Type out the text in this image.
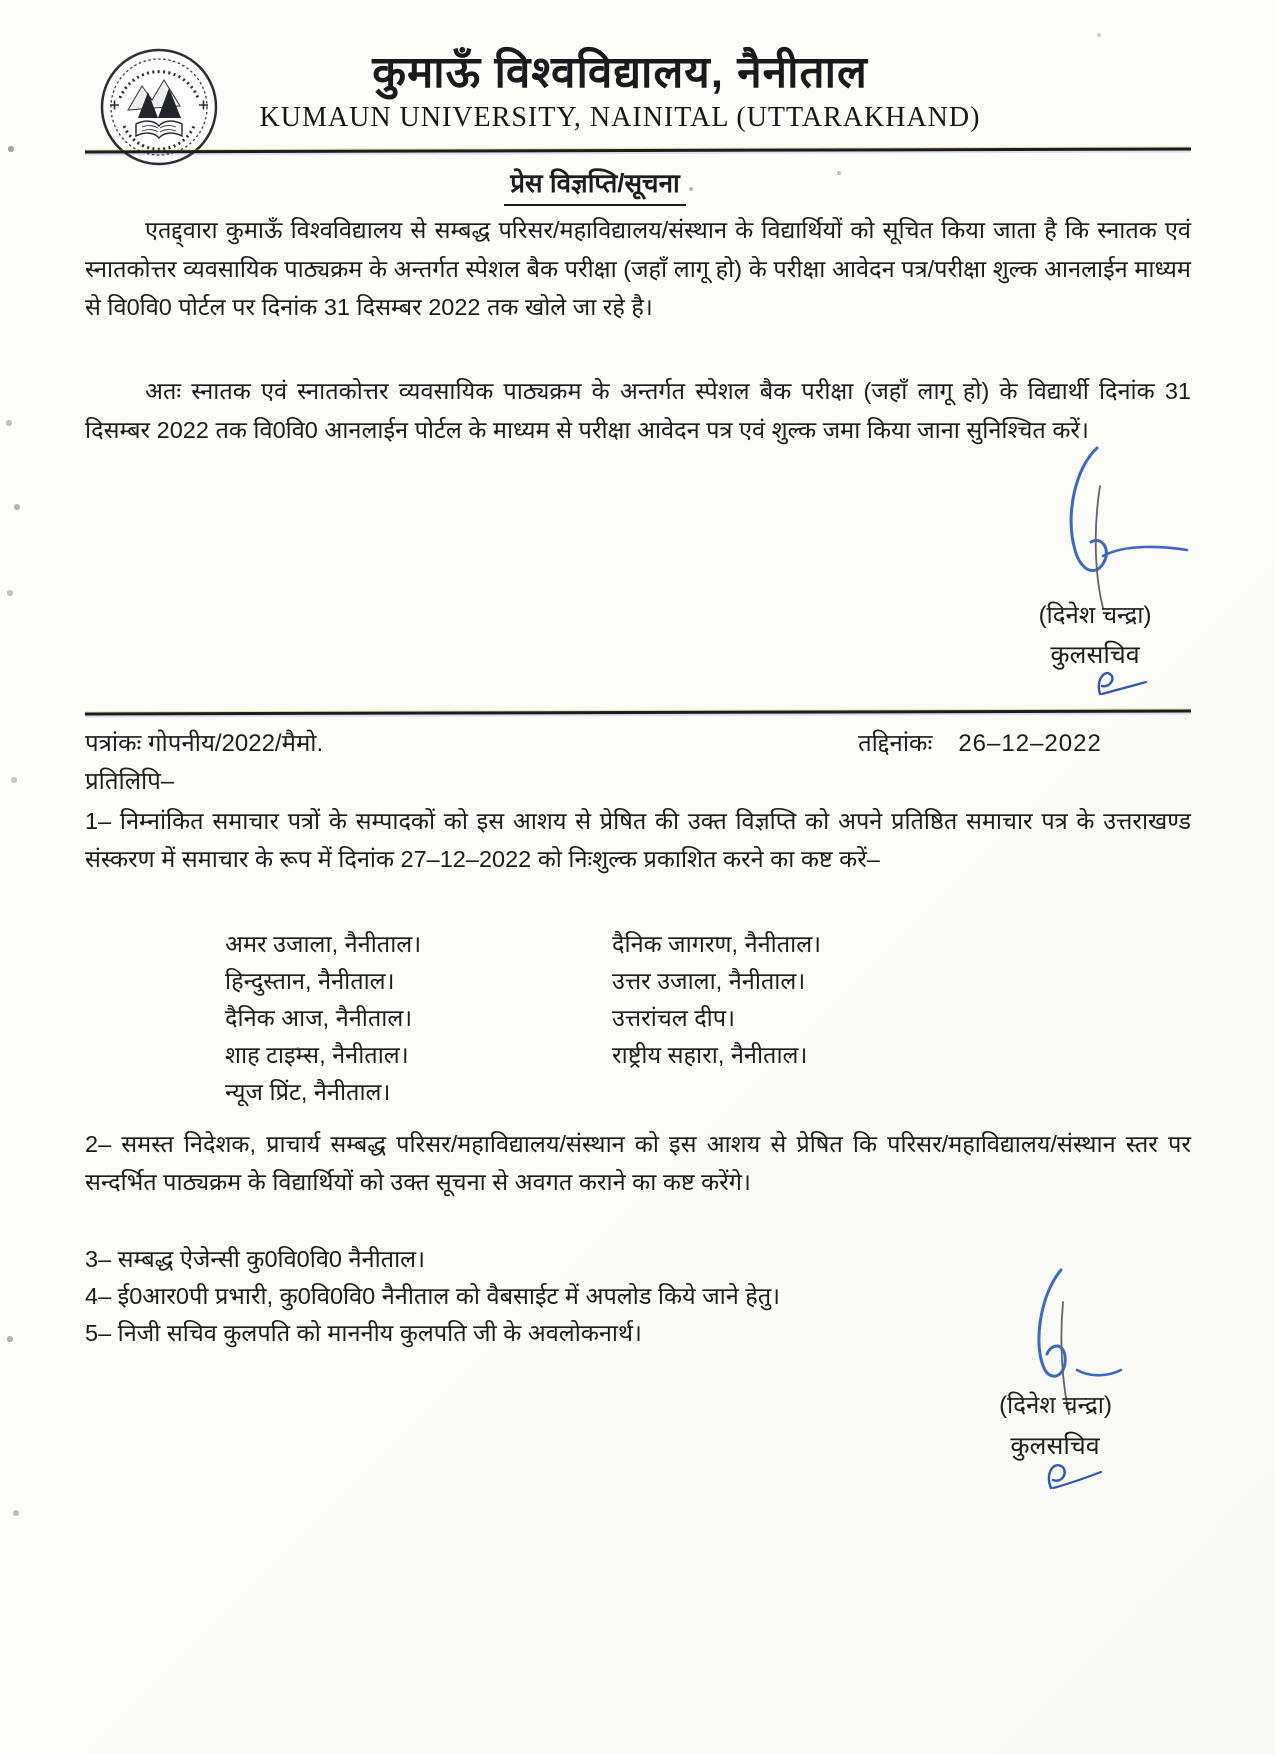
कुमाऊँ विश्वविद्यालय, नैनीताल
KUMAUN UNIVERSITY, NAINITAL (UTTARAKHAND)
प्रेस विज्ञप्ति/सूचना
एतद्द्वारा कुमाऊँ विश्वविद्यालय से सम्बद्ध परिसर/महाविद्यालय/संस्थान के विद्यार्थियों को सूचित किया जाता है कि स्नातक एवं स्नातकोत्तर व्यवसायिक पाठ्यक्रम के अन्तर्गत स्पेशल बैक परीक्षा (जहाँ लागू हो) के परीक्षा आवेदन पत्र/परीक्षा शुल्क आनलाईन माध्यम से वि0वि0 पोर्टल पर दिनांक 31 दिसम्बर 2022 तक खोले जा रहे है।
अतः स्नातक एवं स्नातकोत्तर व्यवसायिक पाठ्यक्रम के अन्तर्गत स्पेशल बैक परीक्षा (जहाँ लागू हो) के विद्यार्थी दिनांक 31 दिसम्बर 2022 तक वि0वि0 आनलाईन पोर्टल के माध्यम से परीक्षा आवेदन पत्र एवं शुल्क जमा किया जाना सुनिश्चित करें।
(दिनेश चन्द्रा)
कुलसचिव
पत्रांकः गोपनीय/2022/मैमो.	तद्दिनांकः 26–12–2022
प्रतिलिपि–
1– निम्नांकित समाचार पत्रों के सम्पादकों को इस आशय से प्रेषित की उक्त विज्ञप्ति को अपने प्रतिष्ठित समाचार पत्र के उत्तराखण्ड संस्करण में समाचार के रूप में दिनांक 27–12–2022 को निःशुल्क प्रकाशित करने का कष्ट करें–
अमर उजाला, नैनीताल।
हिन्दुस्तान, नैनीताल।
दैनिक आज, नैनीताल।
शाह टाइम्स, नैनीताल।
न्यूज प्रिंट, नैनीताल।
दैनिक जागरण, नैनीताल।
उत्तर उजाला, नैनीताल।
उत्तरांचल दीप।
राष्ट्रीय सहारा, नैनीताल।
2– समस्त निदेशक, प्राचार्य सम्बद्ध परिसर/महाविद्यालय/संस्थान को इस आशय से प्रेषित कि परिसर/महाविद्यालय/संस्थान स्तर पर सन्दर्भित पाठ्यक्रम के विद्यार्थियों को उक्त सूचना से अवगत कराने का कष्ट करेंगे।
3– सम्बद्ध ऐजेन्सी कु0वि0वि0 नैनीताल।
4– ई0आर0पी प्रभारी, कु0वि0वि0 नैनीताल को वैबसाईट में अपलोड किये जाने हेतु।
5– निजी सचिव कुलपति को माननीय कुलपति जी के अवलोकनार्थ।
(दिनेश चन्द्रा)
कुलसचिव
